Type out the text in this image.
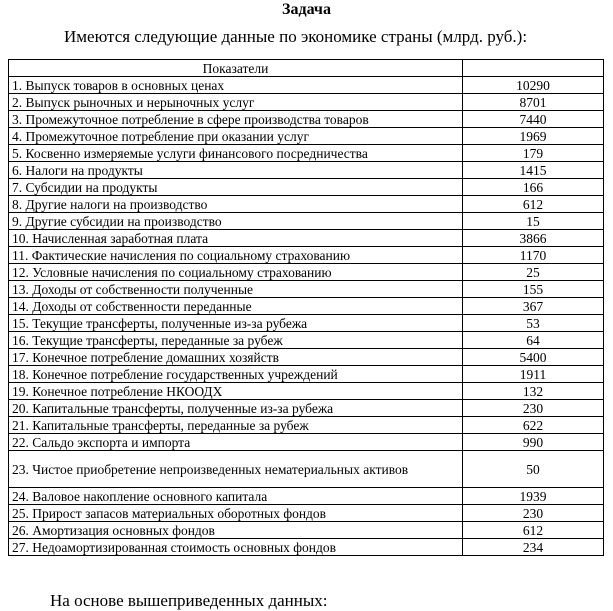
Задача
Имеются следующие данные по экономике страны (млрд. руб.):
Показатели	
1. Выпуск товаров в основных ценах	10290
2. Выпуск рыночных и нерыночных услуг	8701
3. Промежуточное потребление в сфере производства товаров	7440
4. Промежуточное потребление при оказании услуг	1969
5. Косвенно измеряемые услуги финансового посредничества	179
6. Налоги на продукты	1415
7. Субсидии на продукты	166
8. Другие налоги на производство	612
9. Другие субсидии на производство	15
10. Начисленная заработная плата	3866
11. Фактические начисления по социальному страхованию	1170
12. Условные начисления по социальному страхованию	25
13. Доходы от собственности полученные	155
14. Доходы от собственности переданные	367
15. Текущие трансферты, полученные из-за рубежа	53
16. Текущие трансферты, переданные за рубеж	64
17. Конечное потребление домашних хозяйств	5400
18. Конечное потребление государственных учреждений	1911
19. Конечное потребление НКООДХ	132
20. Капитальные трансферты, полученные из-за рубежа	230
21. Капитальные трансферты, переданные за рубеж	622
22. Сальдо экспорта и импорта	990
23. Чистое приобретение непроизведенных нематериальных активов	50
24. Валовое накопление основного капитала	1939
25. Прирост запасов материальных оборотных фондов	230
26. Амортизация основных фондов	612
27. Недоамортизированная стоимость основных фондов	234
На основе вышеприведенных данных:
